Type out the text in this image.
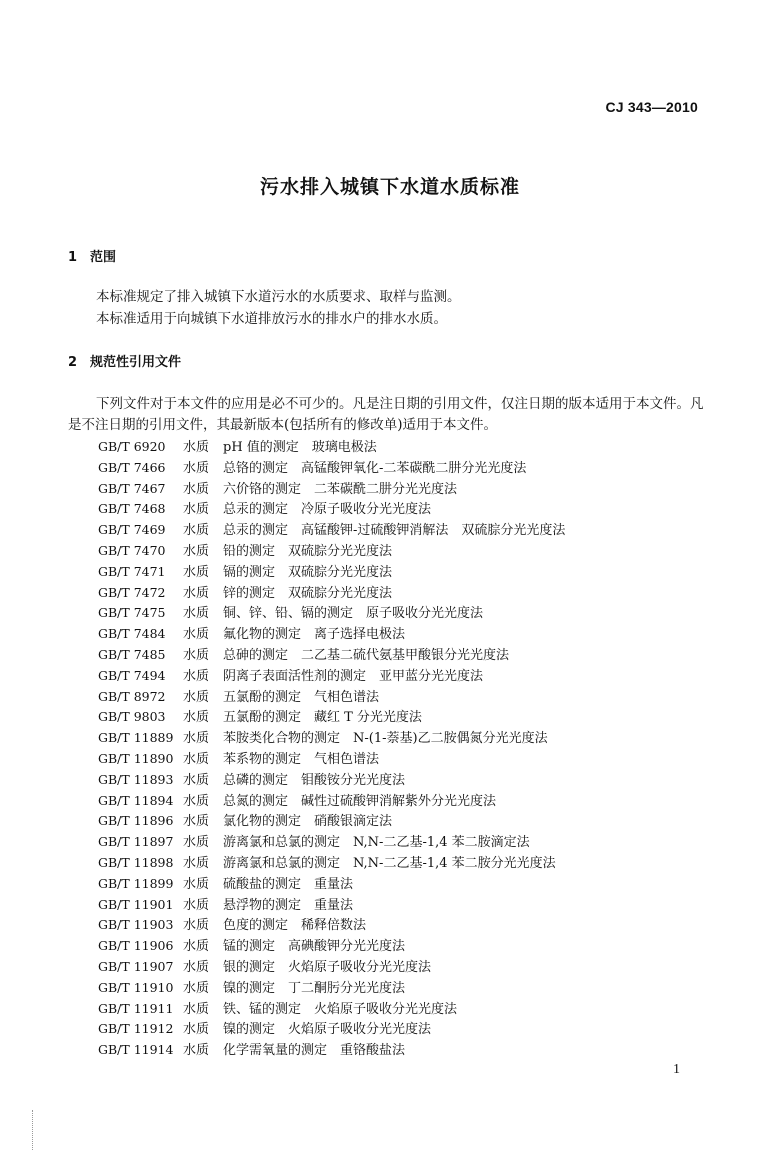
CJ 343—2010
污水排入城镇下水道水质标准
1 范围
本标准规定了排入城镇下水道污水的水质要求、取样与监测。
本标准适用于向城镇下水道排放污水的排水户的排水水质。
2 规范性引用文件
下列文件对于本文件的应用是必不可少的。凡是注日期的引用文件，仅注日期的版本适用于本文件。凡是不注日期的引用文件，其最新版本(包括所有的修改单)适用于本文件。
GB/T 6920 水质 pH 值的测定　玻璃电极法
GB/T 7466 水质 总铬的测定　高锰酸钾氧化-二苯碳酰二肼分光光度法
GB/T 7467 水质 六价铬的测定　二苯碳酰二肼分光光度法
GB/T 7468 水质 总汞的测定　冷原子吸收分光光度法
GB/T 7469 水质 总汞的测定　高锰酸钾-过硫酸钾消解法　双硫腙分光光度法
GB/T 7470 水质 铅的测定　双硫腙分光光度法
GB/T 7471 水质 镉的测定　双硫腙分光光度法
GB/T 7472 水质 锌的测定　双硫腙分光光度法
GB/T 7475 水质 铜、锌、铅、镉的测定　原子吸收分光光度法
GB/T 7484 水质 氟化物的测定　离子选择电极法
GB/T 7485 水质 总砷的测定　二乙基二硫代氨基甲酸银分光光度法
GB/T 7494 水质 阴离子表面活性剂的测定　亚甲蓝分光光度法
GB/T 8972 水质 五氯酚的测定　气相色谱法
GB/T 9803 水质 五氯酚的测定　藏红 T 分光光度法
GB/T 11889 水质 苯胺类化合物的测定　N-(1-萘基)乙二胺偶氮分光光度法
GB/T 11890 水质 苯系物的测定　气相色谱法
GB/T 11893 水质 总磷的测定　钼酸铵分光光度法
GB/T 11894 水质 总氮的测定　碱性过硫酸钾消解紫外分光光度法
GB/T 11896 水质 氯化物的测定　硝酸银滴定法
GB/T 11897 水质 游离氯和总氯的测定　N,N-二乙基-1,4 苯二胺滴定法
GB/T 11898 水质 游离氯和总氯的测定　N,N-二乙基-1,4 苯二胺分光光度法
GB/T 11899 水质 硫酸盐的测定　重量法
GB/T 11901 水质 悬浮物的测定　重量法
GB/T 11903 水质 色度的测定　稀释倍数法
GB/T 11906 水质 锰的测定　高碘酸钾分光光度法
GB/T 11907 水质 银的测定　火焰原子吸收分光光度法
GB/T 11910 水质 镍的测定　丁二酮肟分光光度法
GB/T 11911 水质 铁、锰的测定　火焰原子吸收分光光度法
GB/T 11912 水质 镍的测定　火焰原子吸收分光光度法
GB/T 11914 水质 化学需氧量的测定　重铬酸盐法
1
